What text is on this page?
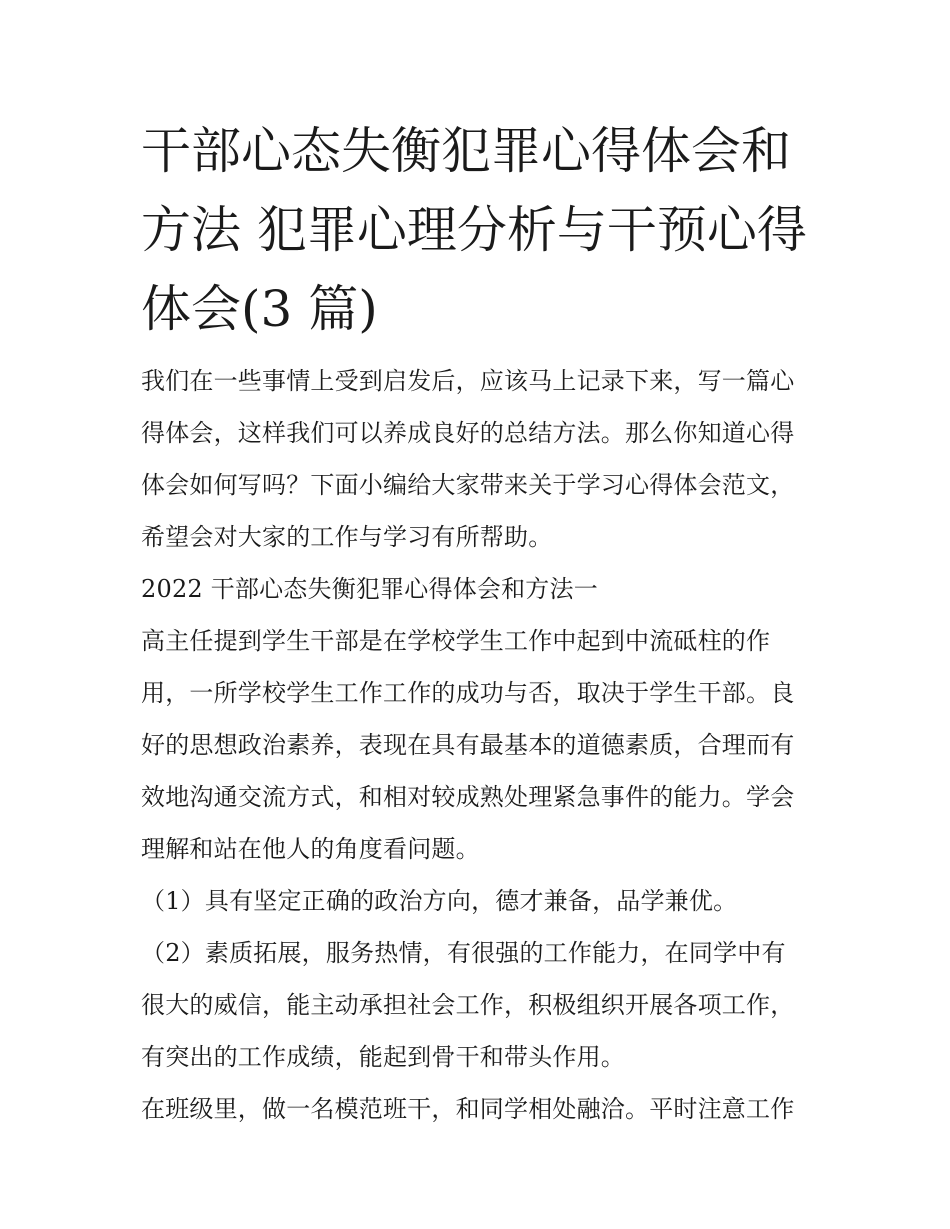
干部心态失衡犯罪心得体会和

方法 犯罪心理分析与干预心得

体会(3 篇)

我们在一些事情上受到启发后，应该马上记录下来，写一篇心

得体会，这样我们可以养成良好的总结方法。那么你知道心得

体会如何写吗？下面小编给大家带来关于学习心得体会范文，

希望会对大家的工作与学习有所帮助。

2022 干部心态失衡犯罪心得体会和方法一

高主任提到学生干部是在学校学生工作中起到中流砥柱的作

用，一所学校学生工作工作的成功与否，取决于学生干部。良

好的思想政治素养，表现在具有最基本的道德素质，合理而有

效地沟通交流方式，和相对较成熟处理紧急事件的能力。学会

理解和站在他人的角度看问题。

（1）具有坚定正确的政治方向，德才兼备，品学兼优。

（2）素质拓展，服务热情，有很强的工作能力，在同学中有

很大的威信，能主动承担社会工作，积极组织开展各项工作，

有突出的工作成绩，能起到骨干和带头作用。

在班级里，做一名模范班干，和同学相处融洽。平时注意工作
